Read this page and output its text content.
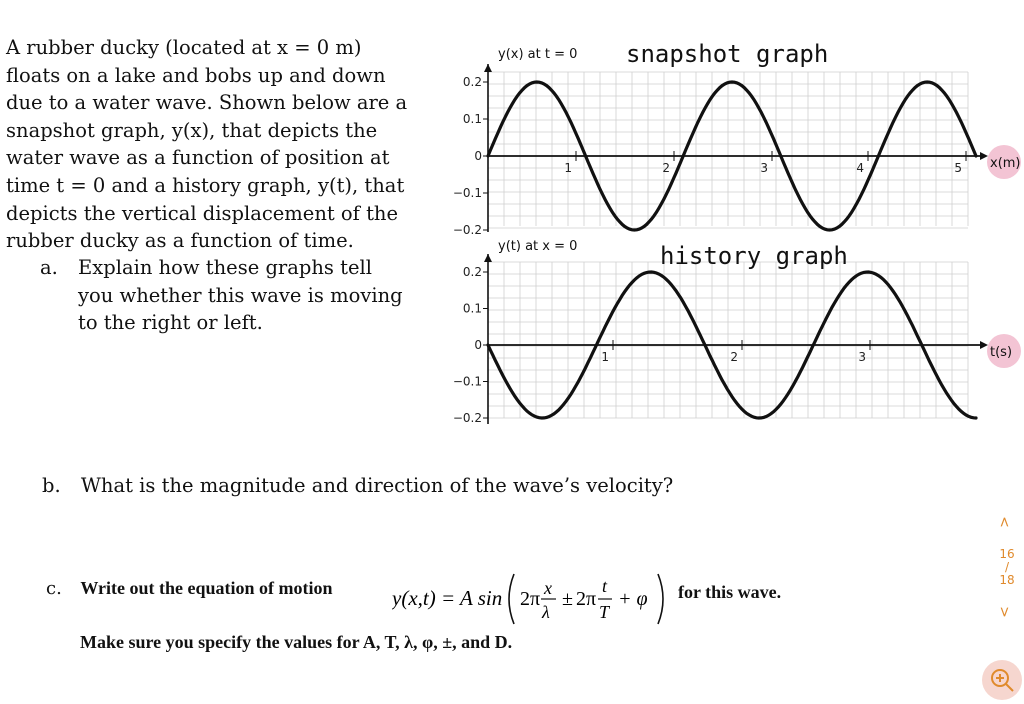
A rubber ducky (located at x = 0 m)
floats on a lake and bobs up and down
due to a water wave. Shown below are a
snapshot graph, y(x), that depicts the
water wave as a function of position at
time t = 0 and a history graph, y(t), that
depicts the vertical displacement of the
rubber ducky as a function of time.
a. Explain how these graphs tell
you whether this wave is moving
to the right or left.
0.2
0.1
0
−0.1
−0.2
1	2	3	4	5
y(x) at t = 0 snapshot graph
x(m)
0.2
0.1
0
−0.1
−0.2
1	2	3
y(t) at x = 0	history graph
t(s)
b. What is the magnitude and direction of the wave’s velocity?
c. Write out the equation of motion	y(x,t) = A sin 2π x
λ
± 2π
t
T
+ φ for this wave.
Make sure you specify the values for A, T, λ, φ, ±, and D.
<
16
/
18
>
